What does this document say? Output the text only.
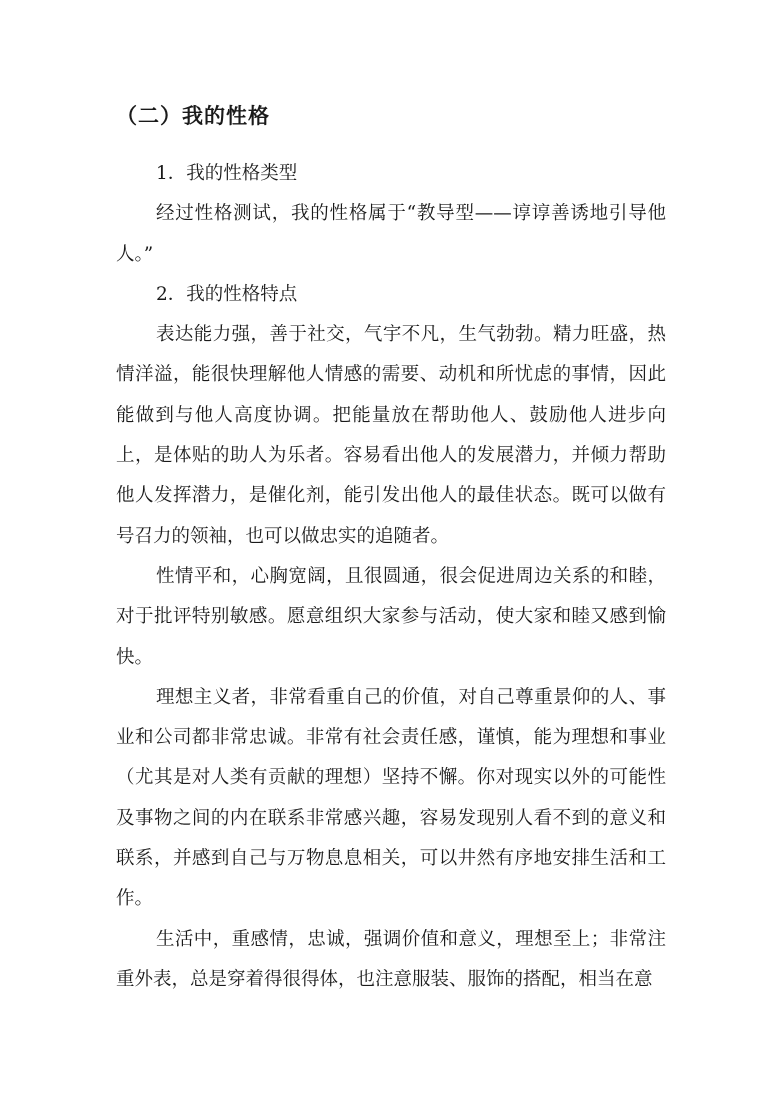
（二）我的性格

1．我的性格类型

经过性格测试，我的性格属于“教导型——谆谆善诱地引导他人。”

2．我的性格特点

表达能力强，善于社交，气宇不凡，生气勃勃。精力旺盛，热情洋溢，能很快理解他人情感的需要、动机和所忧虑的事情，因此能做到与他人高度协调。把能量放在帮助他人、鼓励他人进步向上，是体贴的助人为乐者。容易看出他人的发展潜力，并倾力帮助他人发挥潜力，是催化剂，能引发出他人的最佳状态。既可以做有号召力的领袖，也可以做忠实的追随者。

性情平和，心胸宽阔，且很圆通，很会促进周边关系的和睦，对于批评特别敏感。愿意组织大家参与活动，使大家和睦又感到愉快。

理想主义者，非常看重自己的价值，对自己尊重景仰的人、事业和公司都非常忠诚。非常有社会责任感，谨慎，能为理想和事业（尤其是对人类有贡献的理想）坚持不懈。你对现实以外的可能性及事物之间的内在联系非常感兴趣，容易发现别人看不到的意义和联系，并感到自己与万物息息相关，可以井然有序地安排生活和工作。

生活中，重感情，忠诚，强调价值和意义，理想至上；非常注重外表，总是穿着得很得体，也注意服装、服饰的搭配，相当在意
